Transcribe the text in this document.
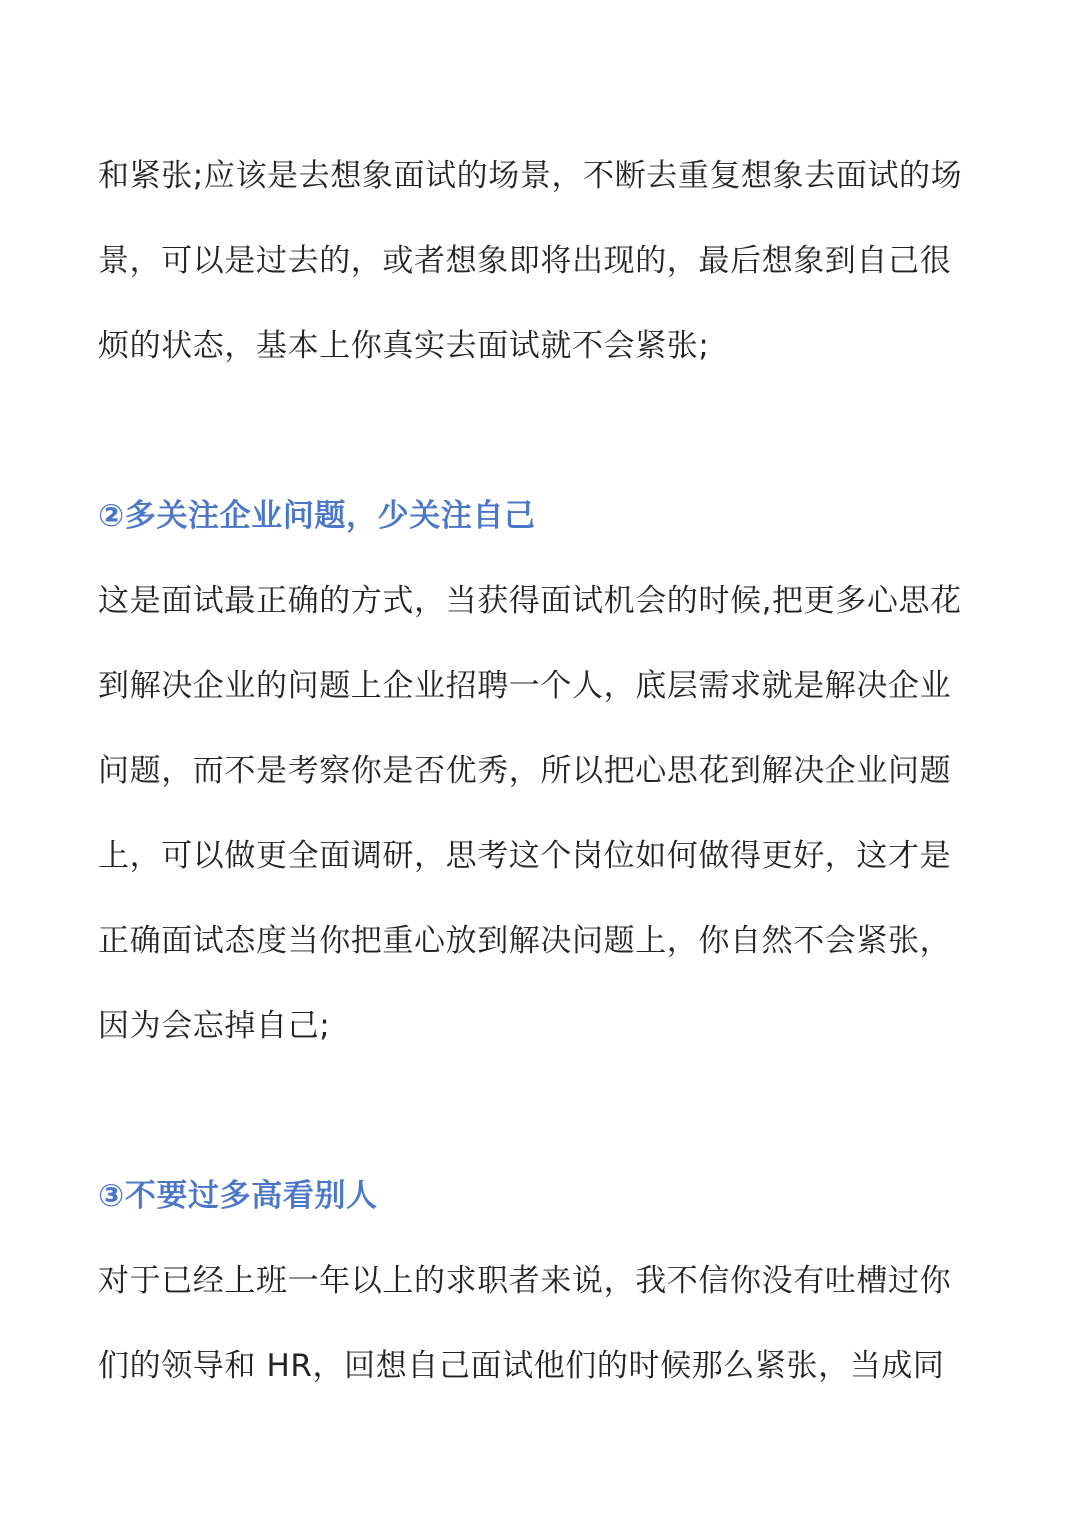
和紧张;应该是去想象面试的场景，不断去重复想象去面试的场
景，可以是过去的，或者想象即将出现的，最后想象到自己很
烦的状态，基本上你真实去面试就不会紧张;
②多关注企业问题，少关注自己
这是面试最正确的方式，当获得面试机会的时候,把更多心思花
到解决企业的问题上企业招聘一个人，底层需求就是解决企业
问题，而不是考察你是否优秀，所以把心思花到解决企业问题
上，可以做更全面调研，思考这个岗位如何做得更好，这才是
正确面试态度当你把重心放到解决问题上，你自然不会紧张，
因为会忘掉自己;
③不要过多高看别人
对于已经上班一年以上的求职者来说，我不信你没有吐槽过你
们的领导和 HR，回想自己面试他们的时候那么紧张，当成同
